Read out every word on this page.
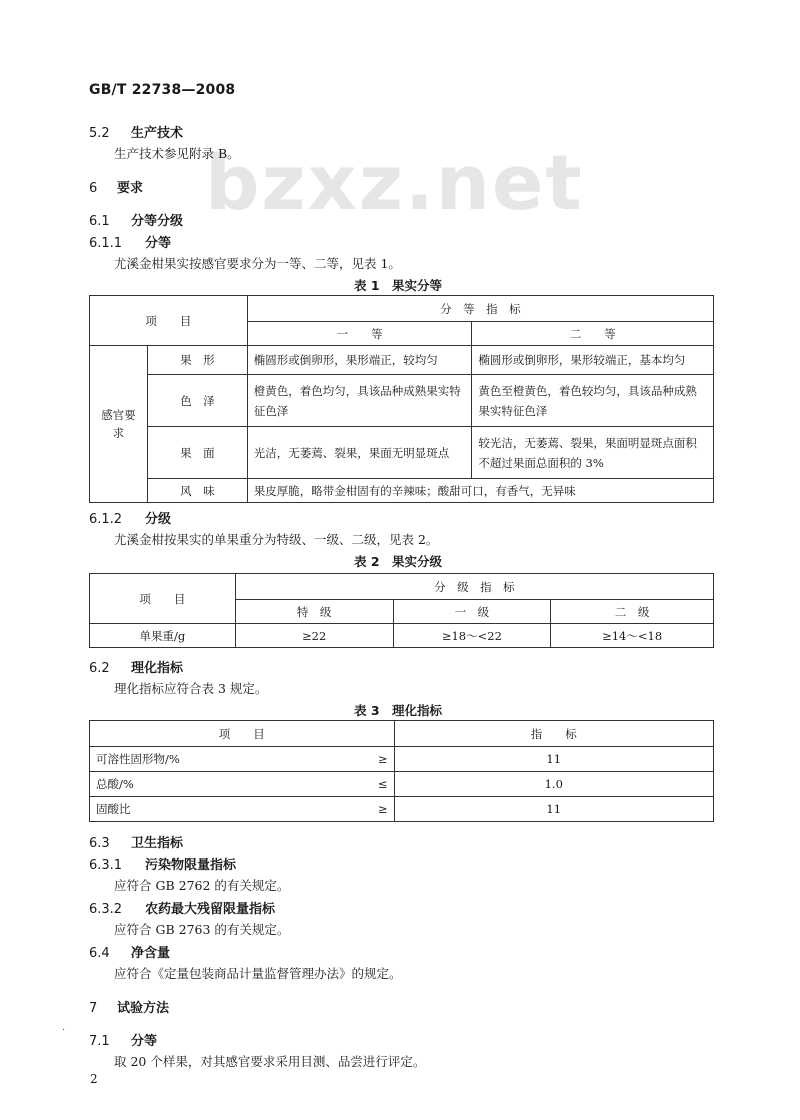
bzxz.net
GB/T 22738—2008
5.2 生产技术
生产技术参见附录 B。
6 要求
6.1 分等分级
6.1.1 分等
尤溪金柑果实按感官要求分为一等、二等，见表 1。
表 1　果实分等
项　　目		分　等　指　标	
		一　　等	二　　等
感官要求	果　形	椭圆形或倒卵形，果形端正，较均匀	椭圆形或倒卵形，果形较端正，基本均匀
	色　泽	橙黄色，着色均匀，具该品种成熟果实特征色泽	黄色至橙黄色，着色较均匀，具该品种成熟果实特征色泽
	果　面	光洁，无萎蔫、裂果，果面无明显斑点	较光洁，无萎蔫、裂果，果面明显斑点面积不超过果面总面积的 3%
	风　味	果皮厚脆，略带金柑固有的辛辣味；酸甜可口，有香气，无异味	
6.1.2 分级
尤溪金柑按果实的单果重分为特级、一级、二级，见表 2。
表 2　果实分级
项　　目	分　级　指　标		
	特　级	一　级	二　级
单果重/g	≥22	≥18～<22	≥14～<18
6.2 理化指标
理化指标应符合表 3 规定。
表 3　理化指标
项　　目	指　　标
可溶性固形物/% ≥	11
总酸/% ≤	1.0
固酸比 ≥	11
6.3 卫生指标
6.3.1 污染物限量指标
应符合 GB 2762 的有关规定。
6.3.2 农药最大残留限量指标
应符合 GB 2763 的有关规定。
6.4 净含量
应符合《定量包装商品计量监督管理办法》的规定。
7 试验方法
·
7.1 分等
取 20 个样果，对其感官要求采用目测、品尝进行评定。
2
